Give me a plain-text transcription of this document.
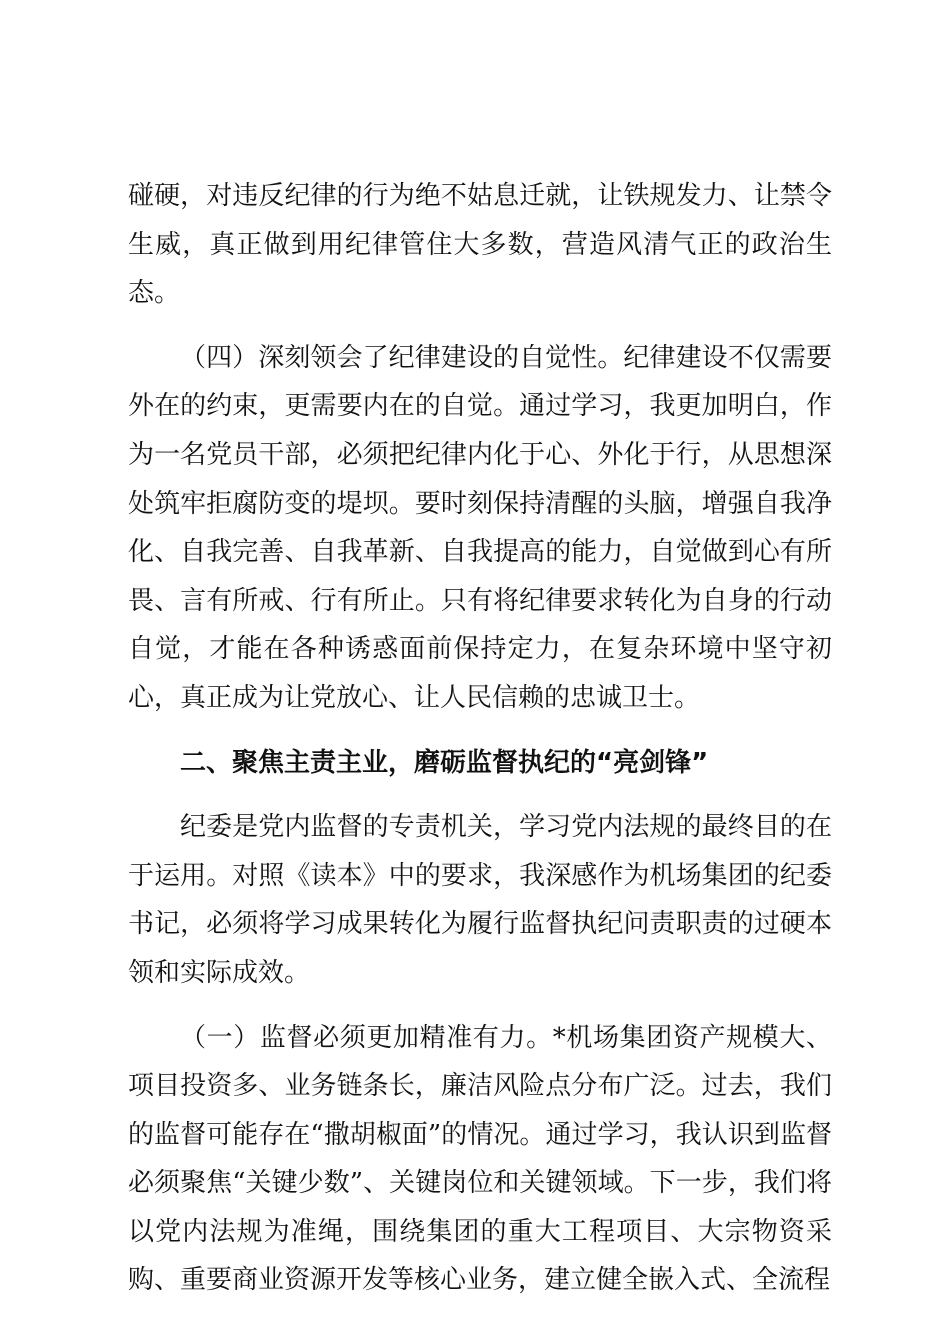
碰硬，对违反纪律的行为绝不姑息迁就，让铁规发力、让禁令生威，真正做到用纪律管住大多数，营造风清气正的政治生态。

（四）深刻领会了纪律建设的自觉性。纪律建设不仅需要外在的约束，更需要内在的自觉。通过学习，我更加明白，作为一名党员干部，必须把纪律内化于心、外化于行，从思想深处筑牢拒腐防变的堤坝。要时刻保持清醒的头脑，增强自我净化、自我完善、自我革新、自我提高的能力，自觉做到心有所畏、言有所戒、行有所止。只有将纪律要求转化为自身的行动自觉，才能在各种诱惑面前保持定力，在复杂环境中坚守初心，真正成为让党放心、让人民信赖的忠诚卫士。

二、聚焦主责主业，磨砺监督执纪的“亮剑锋”

纪委是党内监督的专责机关，学习党内法规的最终目的在于运用。对照《读本》中的要求，我深感作为机场集团的纪委书记，必须将学习成果转化为履行监督执纪问责职责的过硬本领和实际成效。

（一）监督必须更加精准有力。*机场集团资产规模大、项目投资多、业务链条长，廉洁风险点分布广泛。过去，我们的监督可能存在“撒胡椒面”的情况。通过学习，我认识到监督必须聚焦“关键少数”、关键岗位和关键领域。下一步，我们将以党内法规为准绳，围绕集团的重大工程项目、大宗物资采购、重要商业资源开发等核心业务，建立健全嵌入式、全流程
